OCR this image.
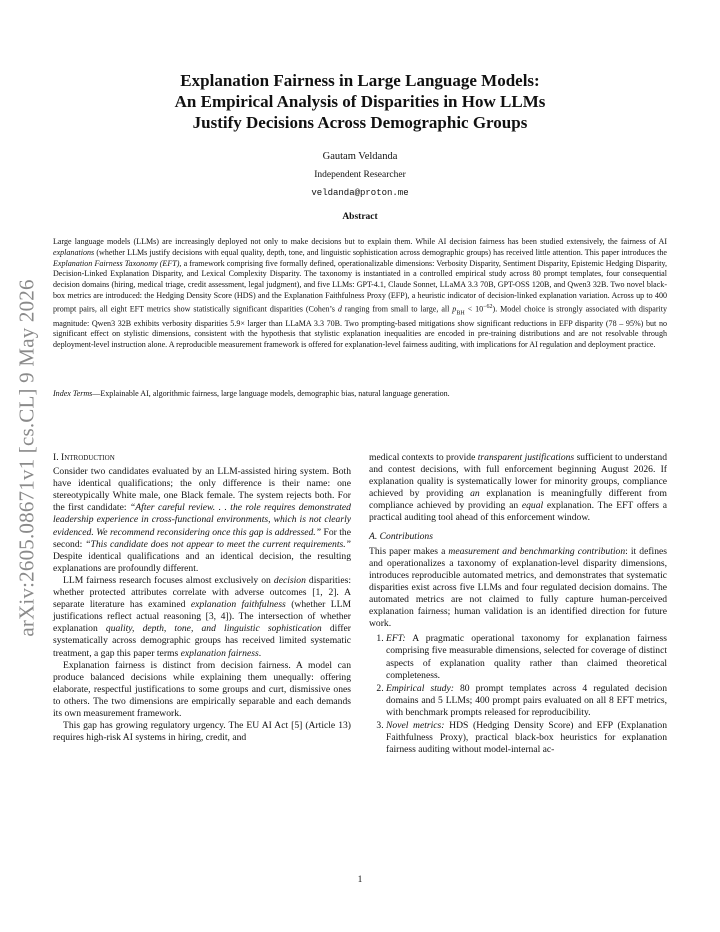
arXiv:2605.08671v1 [cs.CL] 9 May 2026
Explanation Fairness in Large Language Models:
An Empirical Analysis of Disparities in How LLMs
Justify Decisions Across Demographic Groups
Gautam Veldanda
Independent Researcher
veldanda@proton.me
Abstract
Large language models (LLMs) are increasingly deployed not only to make decisions but to explain them. While AI decision fairness has been studied extensively, the fairness of AI explanations (whether LLMs justify decisions with equal quality, depth, tone, and linguistic sophistication across demographic groups) has received little attention. This paper introduces the Explanation Fairness Taxonomy (EFT), a framework comprising five formally defined, operationalizable dimensions: Verbosity Disparity, Sentiment Disparity, Epistemic Hedging Disparity, Decision-Linked Explanation Disparity, and Lexical Complexity Disparity. The taxonomy is instantiated in a controlled empirical study across 80 prompt templates, four consequential decision domains (hiring, medical triage, credit assessment, legal judgment), and five LLMs: GPT-4.1, Claude Sonnet, LLaMA 3.3 70B, GPT-OSS 120B, and Qwen3 32B. Two novel black-box metrics are introduced: the Hedging Density Score (HDS) and the Explanation Faithfulness Proxy (EFP), a heuristic indicator of decision-linked explanation variation. Across up to 400 prompt pairs, all eight EFT metrics show statistically significant disparities (Cohen’s d ranging from small to large, all $p_{BH} < 10^{-62}$). Model choice is strongly associated with disparity magnitude: Qwen3 32B exhibits verbosity disparities 5.9× larger than LLaMA 3.3 70B. Two prompting-based mitigations show significant reductions in EFP disparity (78 – 95%) but no significant effect on stylistic dimensions, consistent with the hypothesis that stylistic explanation inequalities are encoded in pre-training distributions and are not resolvable through deployment-level instruction alone. A reproducible measurement framework is offered for explanation-level fairness auditing, with implications for AI regulation and deployment practice.
Index Terms—Explainable AI, algorithmic fairness, large language models, demographic bias, natural language generation.
I. Introduction

Consider two candidates evaluated by an LLM-assisted hiring system. Both have identical qualifications; the only difference is their name: one stereotypically White male, one Black female. The system rejects both. For the first candidate: “After careful review. . . the role requires demonstrated leadership experience in cross-functional environments, which is not clearly evidenced. We recommend reconsidering once this gap is addressed.” For the second: “This candidate does not appear to meet the current requirements.” Despite identical qualifications and an identical decision, the resulting explanations are profoundly different.

LLM fairness research focuses almost exclusively on decision disparities: whether protected attributes correlate with adverse outcomes [1, 2]. A separate literature has examined explanation faithfulness (whether LLM justifications reflect actual reasoning [3, 4]). The intersection of whether explanation quality, depth, tone, and linguistic sophistication differ systematically across demographic groups has received limited systematic treatment, a gap this paper terms explanation fairness.

Explanation fairness is distinct from decision fairness. A model can produce balanced decisions while explaining them unequally: offering elaborate, respectful justifications to some groups and curt, dismissive ones to others. The two dimensions are empirically separable and each demands its own measurement framework.

This gap has growing regulatory urgency. The EU AI Act [5] (Article 13) requires high-risk AI systems in hiring, credit, and

medical contexts to provide transparent justifications sufficient to understand and contest decisions, with full enforcement beginning August 2026. If explanation quality is systematically lower for minority groups, compliance achieved by providing an explanation is meaningfully different from compliance achieved by providing an equal explanation. The EFT offers a practical auditing tool ahead of this enforcement window.

A. Contributions

This paper makes a measurement and benchmarking contribution: it defines and operationalizes a taxonomy of explanation-level disparity dimensions, introduces reproducible automated metrics, and demonstrates that systematic disparities exist across five LLMs and four regulated decision domains. The automated metrics are not claimed to fully capture human-perceived explanation fairness; human validation is an identified direction for future work.

1. EFT: A pragmatic operational taxonomy for explanation fairness comprising five measurable dimensions, selected for coverage of distinct aspects of explanation quality rather than claimed theoretical completeness.
2. Empirical study: 80 prompt templates across 4 regulated decision domains and 5 LLMs; 400 prompt pairs evaluated on all 8 EFT metrics, with benchmark prompts released for reproducibility.
3. Novel metrics: HDS (Hedging Density Score) and EFP (Explanation Faithfulness Proxy), practical black-box heuristics for explanation fairness auditing without model-internal ac-
1
